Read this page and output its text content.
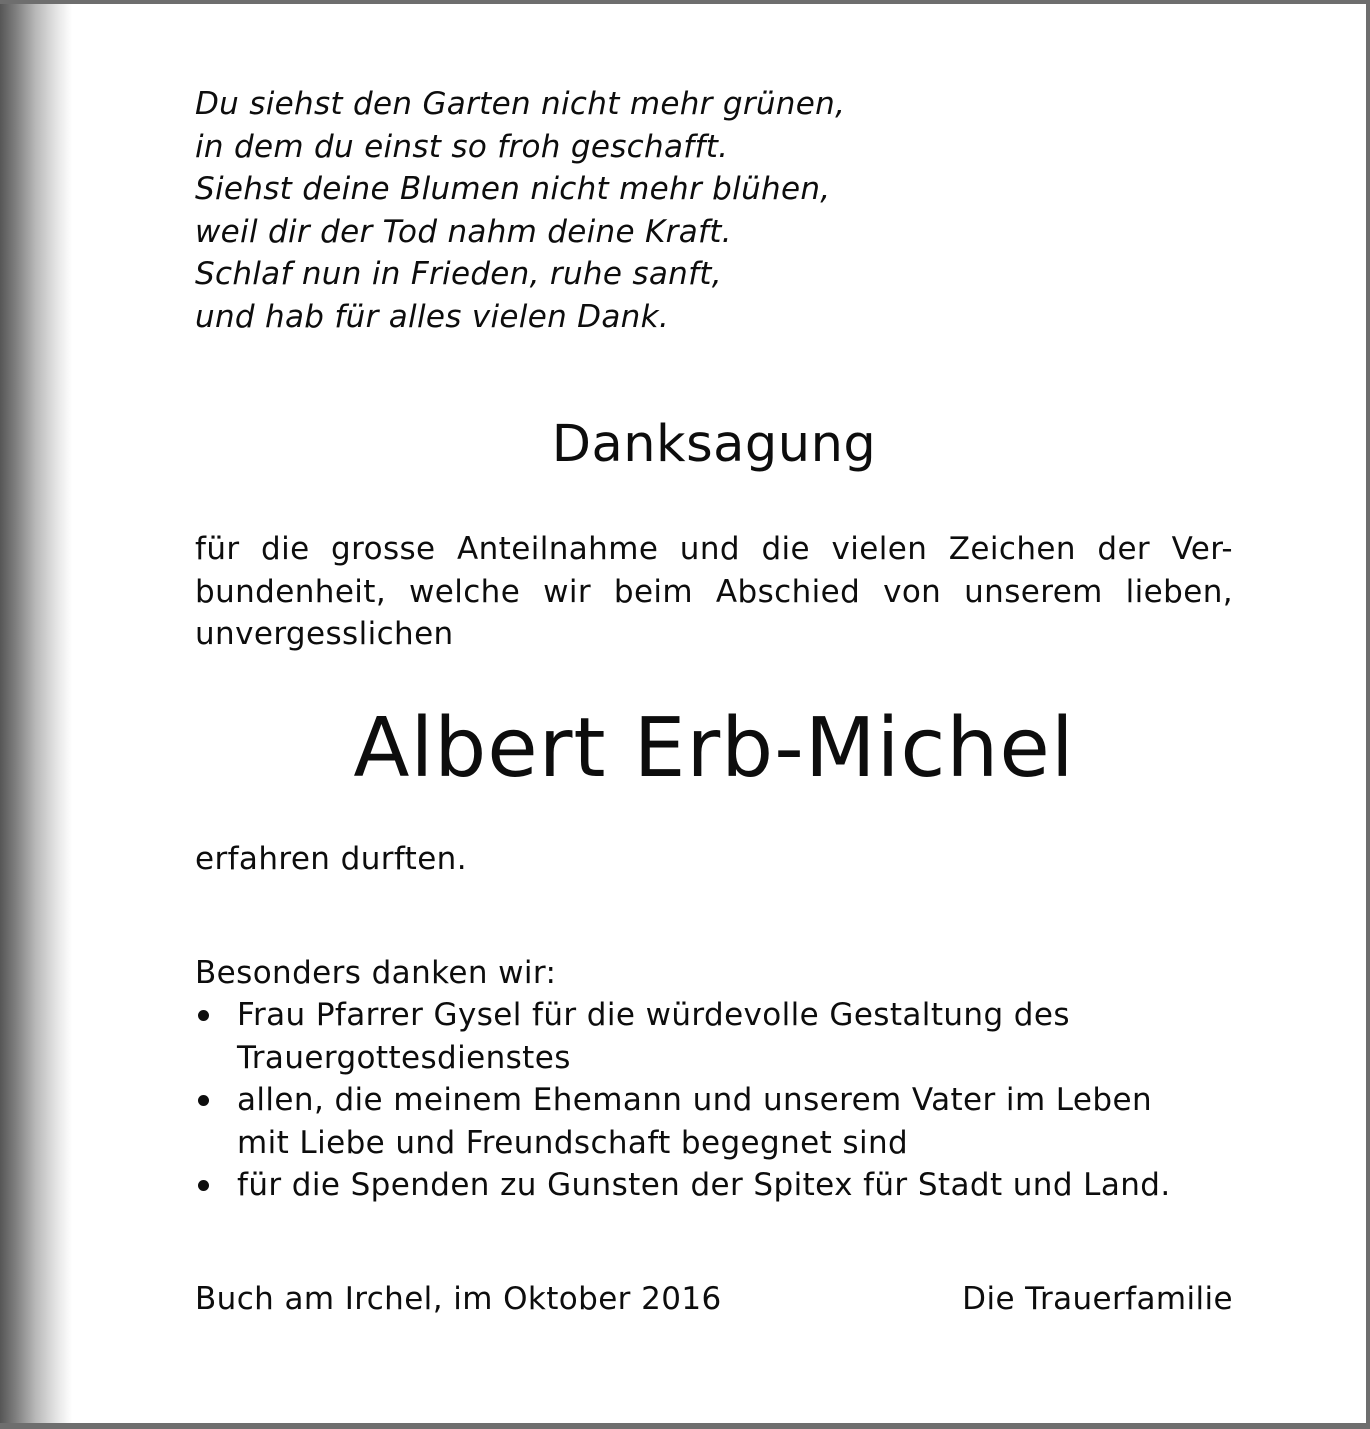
Du siehst den Garten nicht mehr grünen,
in dem du einst so froh geschafft.
Siehst deine Blumen nicht mehr blühen,
weil dir der Tod nahm deine Kraft.
Schlaf nun in Frieden, ruhe sanft,
und hab für alles vielen Dank.
Danksagung
für die grosse Anteilnahme und die vielen Zeichen der Ver-
bundenheit, welche wir beim Abschied von unserem lieben,
unvergesslichen
Albert Erb-Michel
erfahren durften.
Besonders danken wir:
Frau Pfarrer Gysel für die würdevolle Gestaltung des
Trauergottesdienstes
allen, die meinem Ehemann und unserem Vater im Leben
mit Liebe und Freundschaft begegnet sind
für die Spenden zu Gunsten der Spitex für Stadt und Land.
Buch am Irchel, im Oktober 2016	Die Trauerfamilie
